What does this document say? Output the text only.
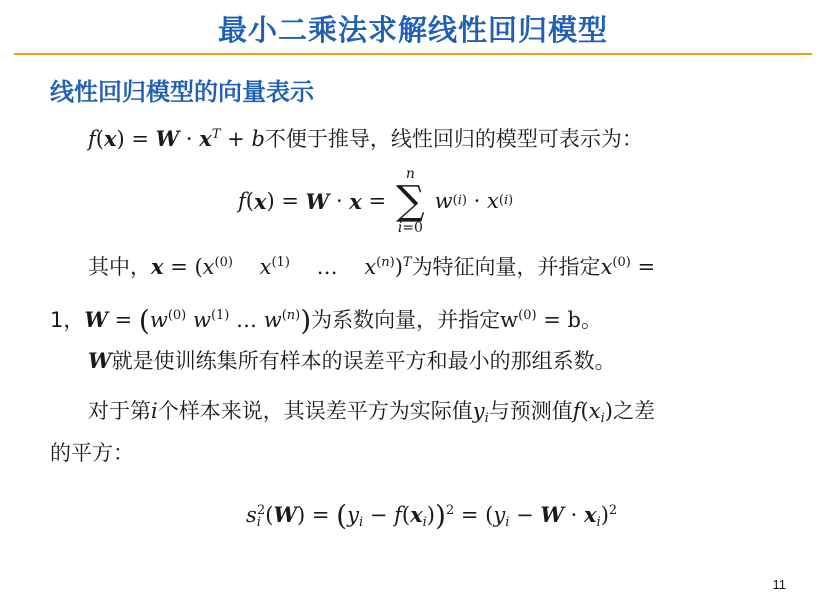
最小二乘法求解线性回归模型
线性回归模型的向量表示
$f(x) = W \cdot x^T + b$不便于推导，线性回归的模型可表示为：
f ( x ) =
W · x =
n
∑
i=0
w (i) · x (i)
其中，$x = (x^{(0)}$ $x^{(1)}$    …    $x^{(n)})^T$为特征向量，并指定$x^{(0)}$ =
1，$W = (w^{(0)}$ $w^{(1)}$ … $w^{(n)}$)为系数向量，并指定$w^{(0)} = b$。
W就是使训练集所有样本的误差平方和最小的那组系数。
对于第i个样本来说，其误差平方为实际值$y_i$与预测值$f(x_i)$之差
的平方：
$s_i^2(W) = (y_i - f(x_i))^2 = (y_i - W \cdot x_i)^2$
11
